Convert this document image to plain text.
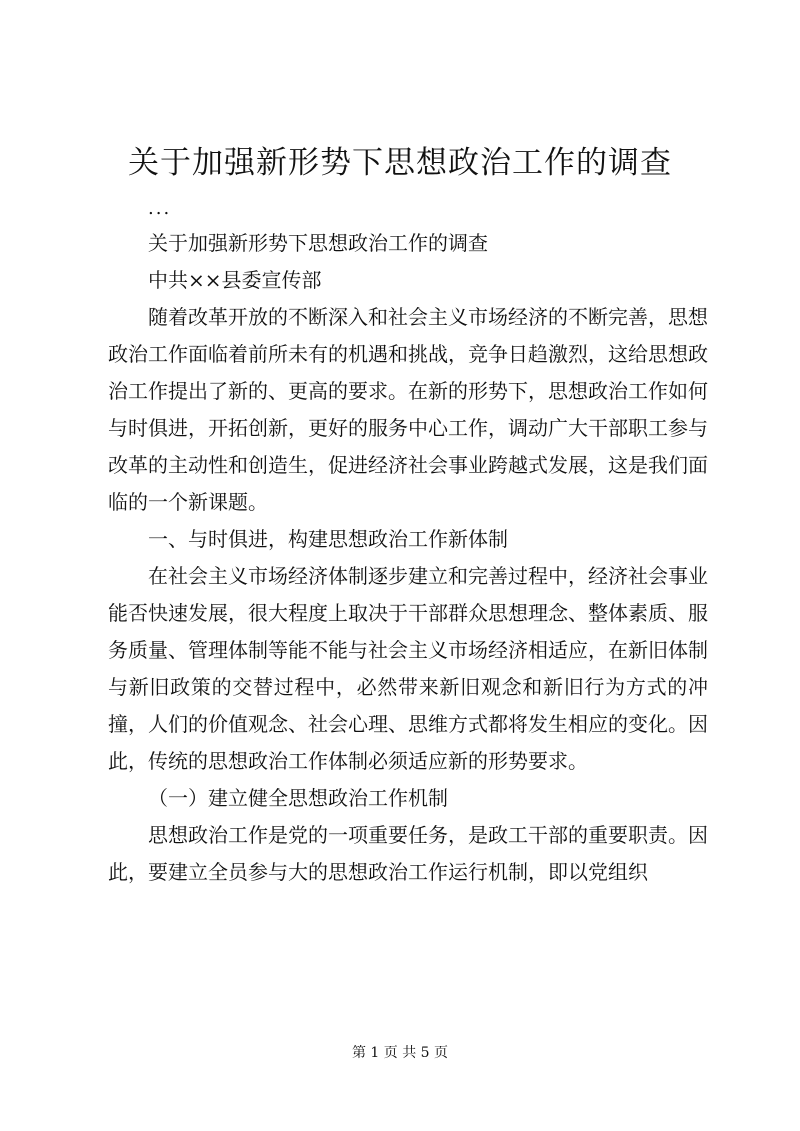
关于加强新形势下思想政治工作的调查
...

关于加强新形势下思想政治工作的调查

中共××县委宣传部

随着改革开放的不断深入和社会主义市场经济的不断完善，思想政治工作面临着前所未有的机遇和挑战，竞争日趋激烈，这给思想政治工作提出了新的、更高的要求。在新的形势下，思想政治工作如何与时俱进，开拓创新，更好的服务中心工作，调动广大干部职工参与改革的主动性和创造生，促进经济社会事业跨越式发展，这是我们面临的一个新课题。

一、与时俱进，构建思想政治工作新体制

在社会主义市场经济体制逐步建立和完善过程中，经济社会事业能否快速发展，很大程度上取决于干部群众思想理念、整体素质、服务质量、管理体制等能不能与社会主义市场经济相适应，在新旧体制与新旧政策的交替过程中，必然带来新旧观念和新旧行为方式的冲撞，人们的价值观念、社会心理、思维方式都将发生相应的变化。因此，传统的思想政治工作体制必须适应新的形势要求。

（一）建立健全思想政治工作机制

思想政治工作是党的一项重要任务，是政工干部的重要职责。因此，要建立全员参与大的思想政治工作运行机制，即以党组织

第 1 页 共 5 页
